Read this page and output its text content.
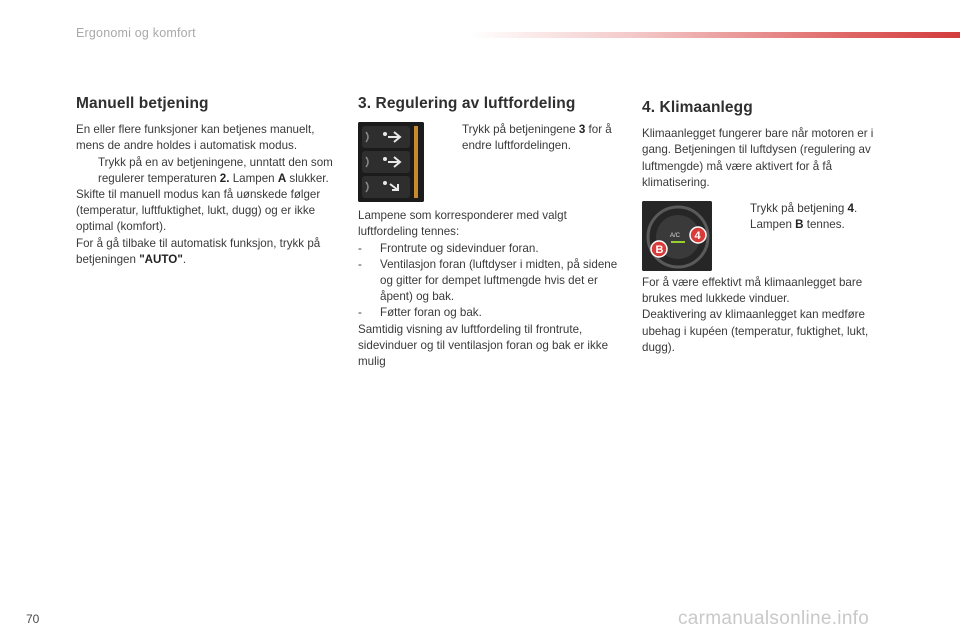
Ergonomi og komfort
Manuell betjening

En eller flere funksjoner kan betjenes manuelt, mens de andre holdes i automatisk modus.

Trykk på en av betjeningene, unntatt den som regulerer temperaturen 2. Lampen A slukker.

Skifte til manuell modus kan få uønskede følger (temperatur, luftfuktighet, lukt, dugg) og er ikke optimal (komfort).

For å gå tilbake til automatisk funksjon, trykk på betjeningen "AUTO".

3. Regulering av luftfordeling

Trykk på betjeningene 3 for å endre luftfordelingen.

Lampene som korresponderer med valgt luftfordeling tennes:

- Frontrute og sidevinduer foran.

- Ventilasjon foran (luftdyser i midten, på sidene og gitter for dempet luftmengde hvis det er åpent) og bak.

- Føtter foran og bak.

Samtidig visning av luftfordeling til frontrute, sidevinduer og til ventilasjon foran og bak er ikke mulig

4. Klimaanlegg

Klimaanlegget fungerer bare når motoren er i gang. Betjeningen til luftdysen (regulering av luftmengde) må være aktivert for å få klimatisering.

A/C
B
4

Trykk på betjening 4. Lampen B tennes.

For å være effektivt må klimaanlegget bare brukes med lukkede vinduer.

Deaktivering av klimaanlegget kan medføre ubehag i kupéen (temperatur, fuktighet, lukt, dugg).

70	carmanualsonline.info
